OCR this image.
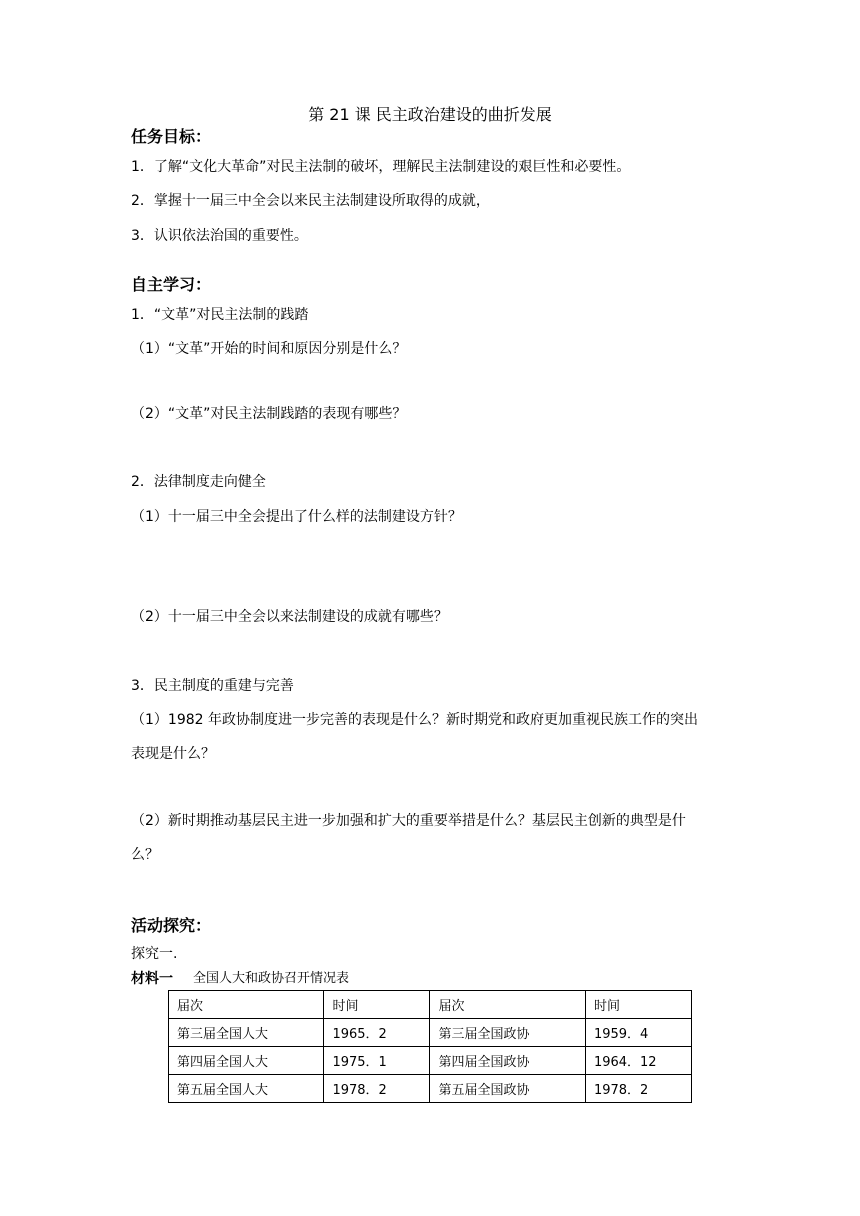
第 21 课 民主政治建设的曲折发展
任务目标：
1．了解“文化大革命”对民主法制的破坏，理解民主法制建设的艰巨性和必要性。
2．掌握十一届三中全会以来民主法制建设所取得的成就，
3．认识依法治国的重要性。
自主学习：
1．“文革”对民主法制的践踏
（1）“文革”开始的时间和原因分别是什么？
（2）“文革”对民主法制践踏的表现有哪些？
2．法律制度走向健全
（1）十一届三中全会提出了什么样的法制建设方针？
（2）十一届三中全会以来法制建设的成就有哪些？
3．民主制度的重建与完善
（1）1982 年政协制度进一步完善的表现是什么？新时期党和政府更加重视民族工作的突出
表现是什么？
（2）新时期推动基层民主进一步加强和扩大的重要举措是什么？基层民主创新的典型是什
么？
活动探究：
探究一.
材料一 全国人大和政协召开情况表
届次	时间	届次	时间
第三届全国人大	1965．2	第三届全国政协	1959．4
第四届全国人大	1975．1	第四届全国政协	1964．12
第五届全国人大	1978．2	第五届全国政协	1978．2
